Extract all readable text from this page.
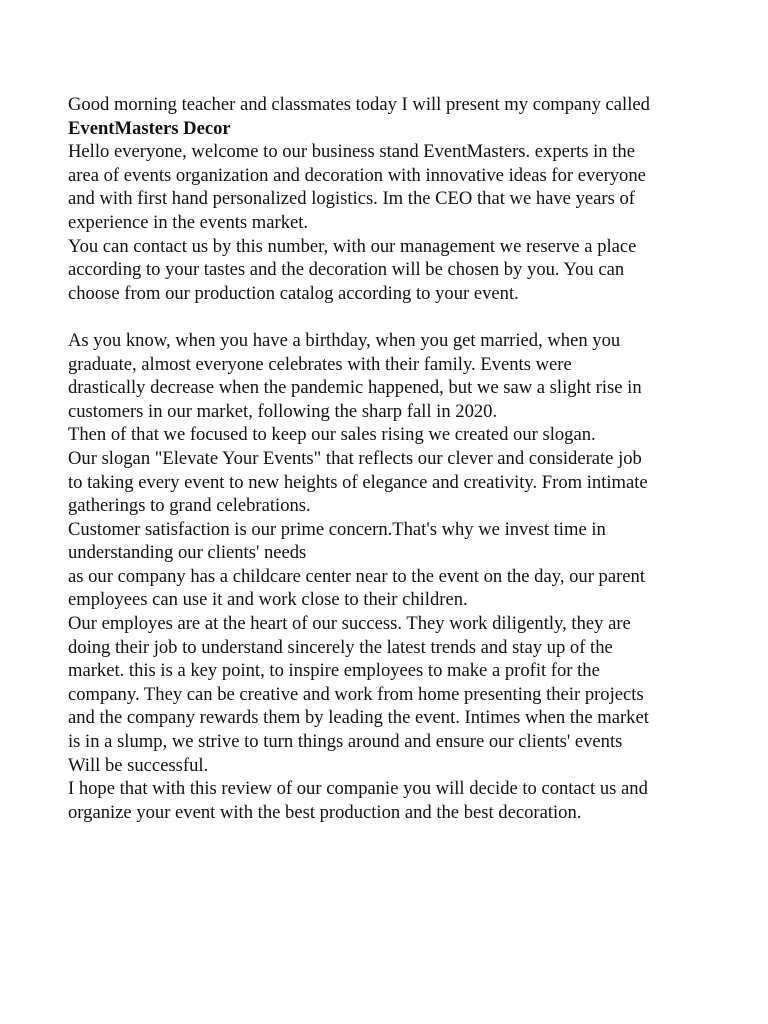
Good morning teacher and classmates today I will present my company called
EventMasters Decor
Hello everyone, welcome to our business stand EventMasters. experts in the
area of events organization and decoration with innovative ideas for everyone
and with first hand personalized logistics. Im the CEO that we have years of
experience in the events market.
You can contact us by this number, with our management we reserve a place
according to your tastes and the decoration will be chosen by you. You can
choose from our production catalog according to your event.
As you know, when you have a birthday, when you get married, when you
graduate, almost everyone celebrates with their family. Events were
drastically decrease when the pandemic happened, but we saw a slight rise in
customers in our market, following the sharp fall in 2020.
Then of that we focused to keep our sales rising we created our slogan.
Our slogan "Elevate Your Events" that reflects our clever and considerate job
to taking every event to new heights of elegance and creativity. From intimate
gatherings to grand celebrations.
Customer satisfaction is our prime concern.That's why we invest time in
understanding our clients' needs
as our company has a childcare center near to the event on the day, our parent
employees can use it and work close to their children.
Our employes are at the heart of our success. They work diligently, they are
doing their job to understand sincerely the latest trends and stay up of the
market. this is a key point, to inspire employees to make a profit for the
company. They can be creative and work from home presenting their projects
and the company rewards them by leading the event. Intimes when the market
is in a slump, we strive to turn things around and ensure our clients' events
Will be successful.
I hope that with this review of our companie you will decide to contact us and
organize your event with the best production and the best decoration.
